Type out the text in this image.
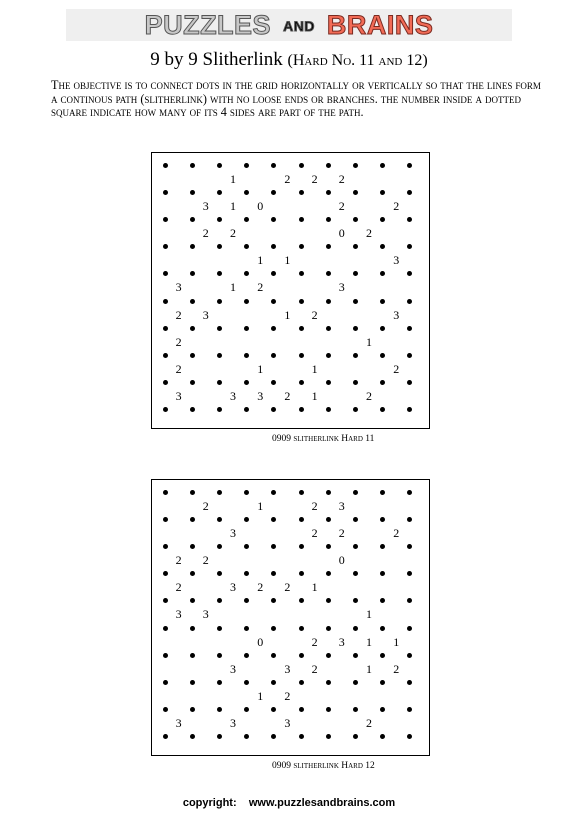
PUZZLES AND BRAINS
9 by 9 Slitherlink (Hard No. 11 and 12)
The objective is to connect dots in the grid horizontally or vertically so that the lines form a continous path (slitherlink) with no loose ends or branches. the number inside a dotted square indicate how many of its 4 sides are part of the path.
1	2	2	2
3	1	0	2	2
2	2	0	2
1	1	3
3	1	2	3
2	3	1	2	3
2	1
2	1	1	2
3	3	3	2	1	2
0909 slitherlink Hard 11
2	1	2	3
3	2	2	2
2	2	0
2	3	2	2	1
3	3	1
0	2	3	1	1
3	3	2	1	2
1	2
3	3	3	2
0909 slitherlink Hard 12
copyright: www.puzzlesandbrains.com
